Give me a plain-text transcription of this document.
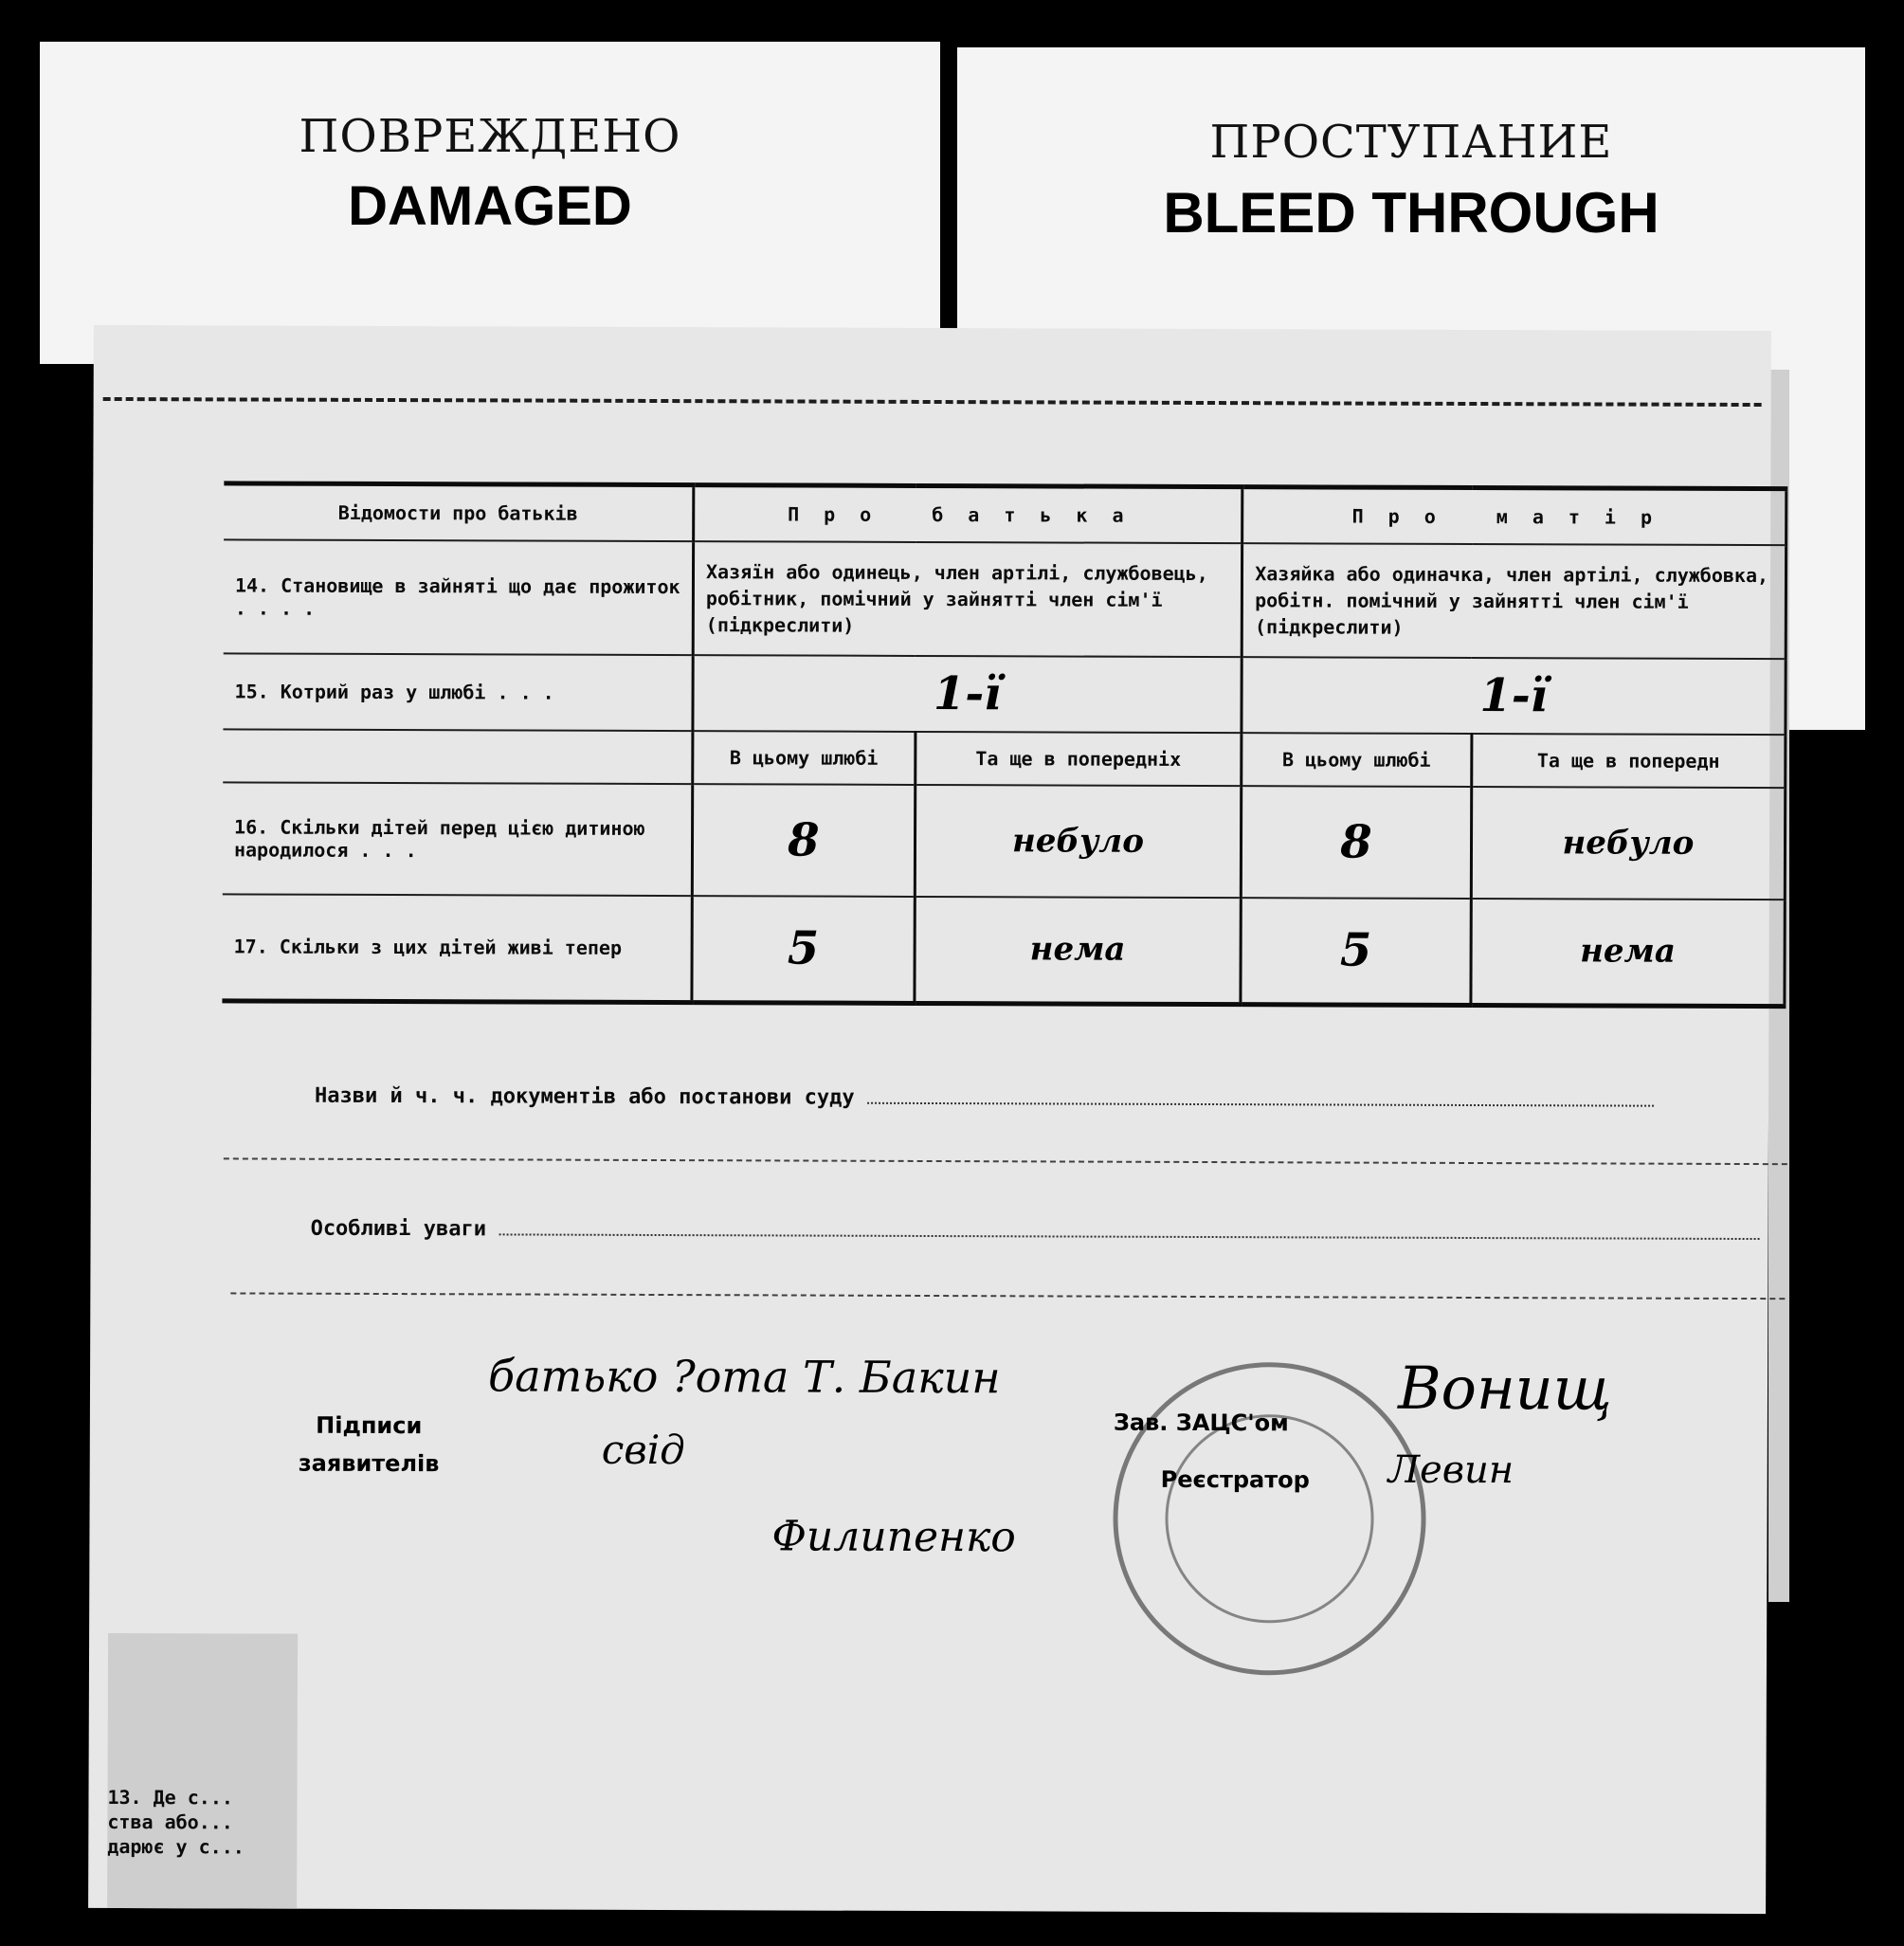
ПОВРЕЖДЕНО
DAMAGED
ПРОСТУПАНИЕ
BLEED THROUGH
Відомости про батьків	Про батька		Про матір	
14. Становище в зайняті що дає прожиток . . . .	Хазяїн або одинець, член артілі, службовець, робітник, помічний у зайнятті член сім'ї (підкреслити)		Хазяйка або одиначка, член артілі, службовка, робітн. помічний у зайнятті член сім'ї (підкреслити)	
15. Котрий раз у шлюбі . . .	1-ї		1-ї	
	В цьому шлюбі	Та ще в попередніх	В цьому шлюбі	Та ще в попередн
16. Скільки дітей перед цією дитиною народилося . . .	8	небуло	8	небуло
17. Скільки з цих дітей живі тепер	5	нема	5	нема
Назви й ч. ч. документів або постанови суду
Особливі уваги
Підписи
заявителів
батько ?ота Т. Бакин
свід
Филипенко
Зав. ЗАЦС'ом
Реєстратор
Вонищ
Левин
13. Де с...
ства або...
дарює у с...
